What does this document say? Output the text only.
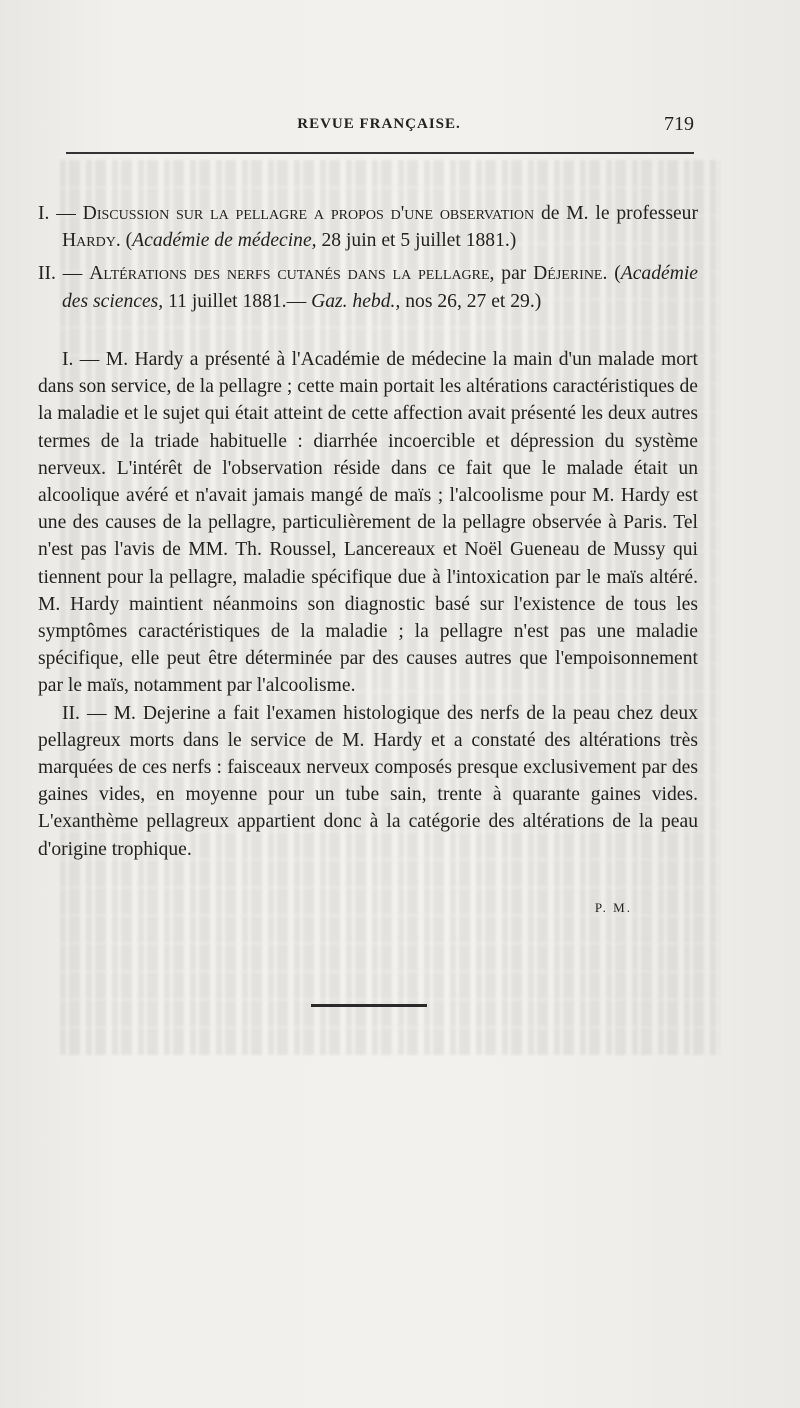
REVUE FRANÇAISE.	719

I. — Discussion sur la pellagre a propos d'une observation de M. le professeur Hardy. (Académie de médecine, 28 juin et 5 juillet 1881.)

II. — Altérations des nerfs cutanés dans la pellagre, par Déjerine. (Académie des sciences, 11 juillet 1881.— Gaz. hebd., nos 26, 27 et 29.)

I. — M. Hardy a présenté à l'Académie de médecine la main d'un malade mort dans son service, de la pellagre ; cette main portait les altérations caractéristiques de la maladie et le sujet qui était atteint de cette affection avait présenté les deux autres termes de la triade habituelle : diarrhée incoercible et dépression du système nerveux. L'intérêt de l'observation réside dans ce fait que le malade était un alcoolique avéré et n'avait jamais mangé de maïs ; l'alcoolisme pour M. Hardy est une des causes de la pellagre, particulièrement de la pellagre observée à Paris. Tel n'est pas l'avis de MM. Th. Roussel, Lancereaux et Noël Gueneau de Mussy qui tiennent pour la pellagre, maladie spécifique due à l'intoxication par le maïs altéré. M. Hardy maintient néanmoins son diagnostic basé sur l'existence de tous les symptômes caractéristiques de la maladie ; la pellagre n'est pas une maladie spécifique, elle peut être déterminée par des causes autres que l'empoisonnement par le maïs, notamment par l'alcoolisme.

II. — M. Dejerine a fait l'examen histologique des nerfs de la peau chez deux pellagreux morts dans le service de M. Hardy et a constaté des altérations très marquées de ces nerfs : faisceaux nerveux composés presque exclusivement par des gaines vides, en moyenne pour un tube sain, trente à quarante gaines vides. L'exanthème pellagreux appartient donc à la catégorie des altérations de la peau d'origine trophique.

P. M.
